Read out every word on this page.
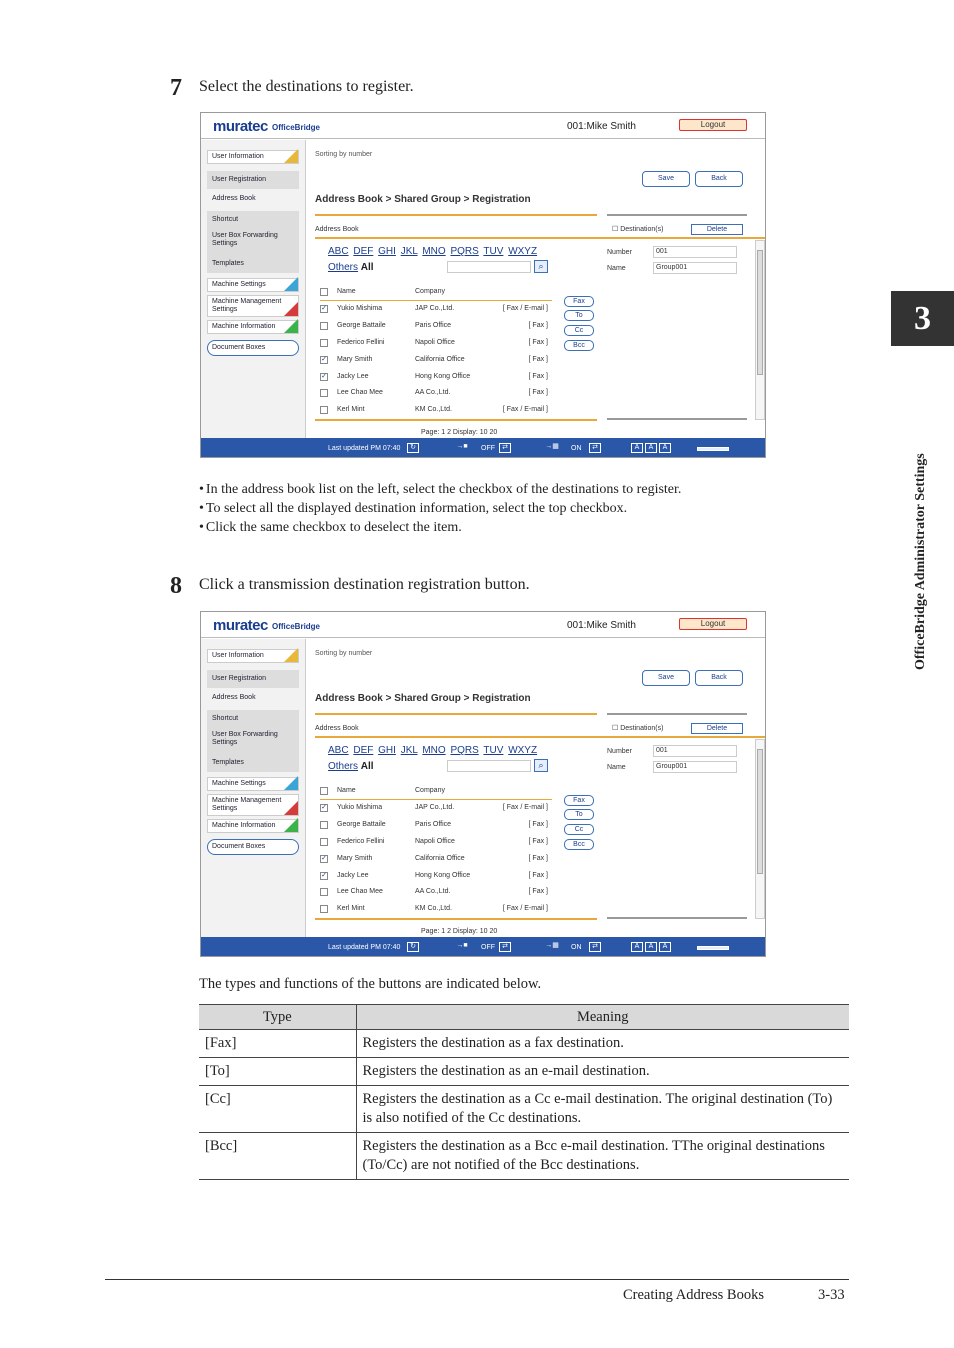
7 Select the destinations to register.
muratec OfficeBridge	001:Mike Smith	Logout
User Information
User Registration
Address Book
Shortcut
User Box Forwarding Settings
Templates
Machine Settings
Machine Management Settings
Machine Information
Document Boxes
Sorting by number
Save	Back
Address Book > Shared Group > Registration
Address Book	☐ Destination(s)	Delete
ABC DEF GHI JKL MNO PQRS TUV WXYZ
Others All	⌕
Name	Company
✓ Yukio Mishima	JAP Co.,Ltd.	[ Fax / E-mail ]
George Battaile	Paris Office	[ Fax ]
Federico Fellini	Napoli Office	[ Fax ]
✓ Mary Smith	California Office	[ Fax ]
✓ Jacky Lee	Hong Kong Office	[ Fax ]
Lee Chao Mee	AA Co.,Ltd.	[ Fax ]
Kerl Mint	KM Co.,Ltd.	[ Fax / E-mail ]
Fax
To
Cc
Bcc
Number	001
Name	Group001
Page: 1 2 Display: 10 20
Last updated PM 07:40	↻	→■	OFF	⇄	→▦	ON	⇄	A	A	A
• In the address book list on the left, select the checkbox of the destinations to register.
• To select all the displayed destination information, select the top checkbox.
• Click the same checkbox to deselect the item.
8 Click a transmission destination registration button.
muratec OfficeBridge	001:Mike Smith	Logout
User Information
User Registration
Address Book
Shortcut
User Box Forwarding Settings
Templates
Machine Settings
Machine Management Settings
Machine Information
Document Boxes
Sorting by number
Save	Back
Address Book > Shared Group > Registration
Address Book	☐ Destination(s)	Delete
ABC DEF GHI JKL MNO PQRS TUV WXYZ
Others All	⌕
Name	Company
✓ Yukio Mishima	JAP Co.,Ltd.	[ Fax / E-mail ]
George Battaile	Paris Office	[ Fax ]
Federico Fellini	Napoli Office	[ Fax ]
✓ Mary Smith	California Office	[ Fax ]
✓ Jacky Lee	Hong Kong Office	[ Fax ]
Lee Chao Mee	AA Co.,Ltd.	[ Fax ]
Kerl Mint	KM Co.,Ltd.	[ Fax / E-mail ]
Fax
To
Cc
Bcc
Number	001
Name	Group001
Page: 1 2 Display: 10 20
Last updated PM 07:40	↻	→■	OFF	⇄	→▦	ON	⇄	A	A	A
The types and functions of the buttons are indicated below.
Type	Meaning
[Fax]	Registers the destination as a fax destination.
[To]	Registers the destination as an e-mail destination.
[Cc]	Registers the destination as a Cc e-mail destination. The original destination (To) is also notified of the Cc destinations.
[Bcc]	Registers the destination as a Bcc e-mail destination. TThe original destinations (To/Cc) are not notified of the Bcc destinations.
3
OfficeBridge Administrator Settings
Creating Address Books	3-33
